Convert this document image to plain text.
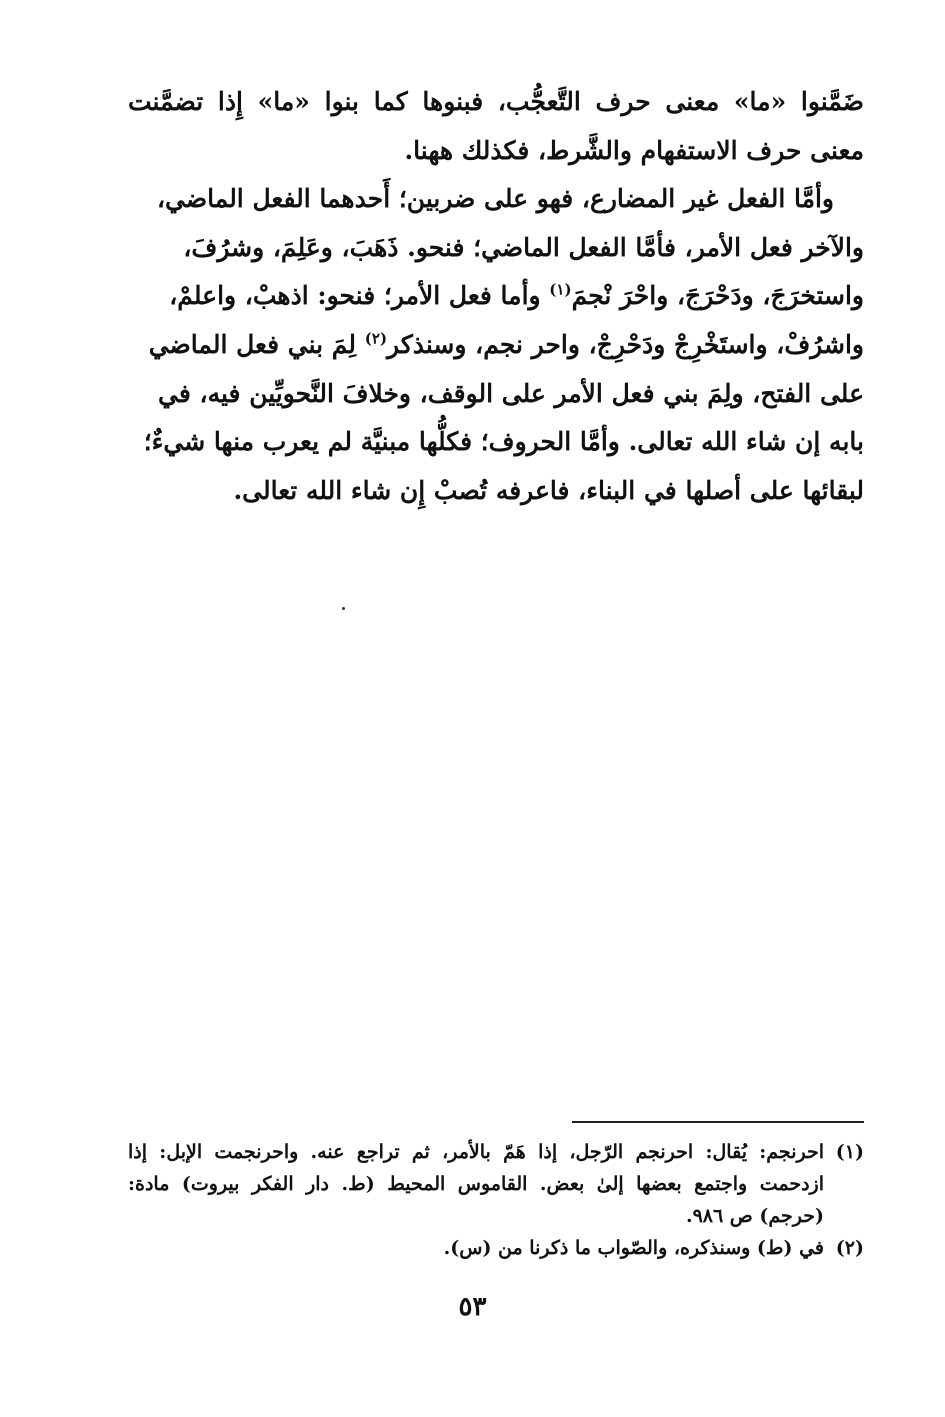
ضَمَّنوا «ما» معنى حرف التَّعجُّب، فبنوها كما بنوا «ما» إِذا تضمَّنت معنى حرف الاستفهام والشَّرط، فكذلك ههنا.

وأمَّا الفعل غير المضارع، فهو على ضربين؛ أَحدهما الفعل الماضي، والآخر فعل الأمر، فأمَّا الفعل الماضي؛ فنحو. ذَهَبَ، وعَلِمَ، وشرُفَ، واستخرَجَ، ودَحْرَجَ، واحْرَ نْجمَ$^{(١)}$ وأما فعل الأمر؛ فنحو: اذهبْ، واعلمْ، واشرُفْ، واستَخْرِجْ ودَحْرِجْ، واحر نجم، وسنذكر$^{(٢)}$ لِمَ بني فعل الماضي على الفتح، ولِمَ بني فعل الأمر على الوقف، وخلافَ النَّحويِّين فيه، في بابه إن شاء الله تعالى. وأمَّا الحروف؛ فكلُّها مبنيَّة لم يعرب منها شيءٌ؛ لبقائها على أصلها في البناء، فاعرفه تُصبْ إِن شاء الله تعالى.

(١)
احرنجم: يُقال: احرنجم الرّجل، إذا هَمّ بالأمر، ثم تراجع عنه. واحرنجمت الإبل: إذا ازدحمت واجتمع بعضها إلىٰ بعض. القاموس المحيط (ط. دار الفكر بيروت) مادة: (حرجم) ص ٩٨٦.
(٢)
في (ط) وسنذكره، والصّواب ما ذكرنا من (س).
٥٣
